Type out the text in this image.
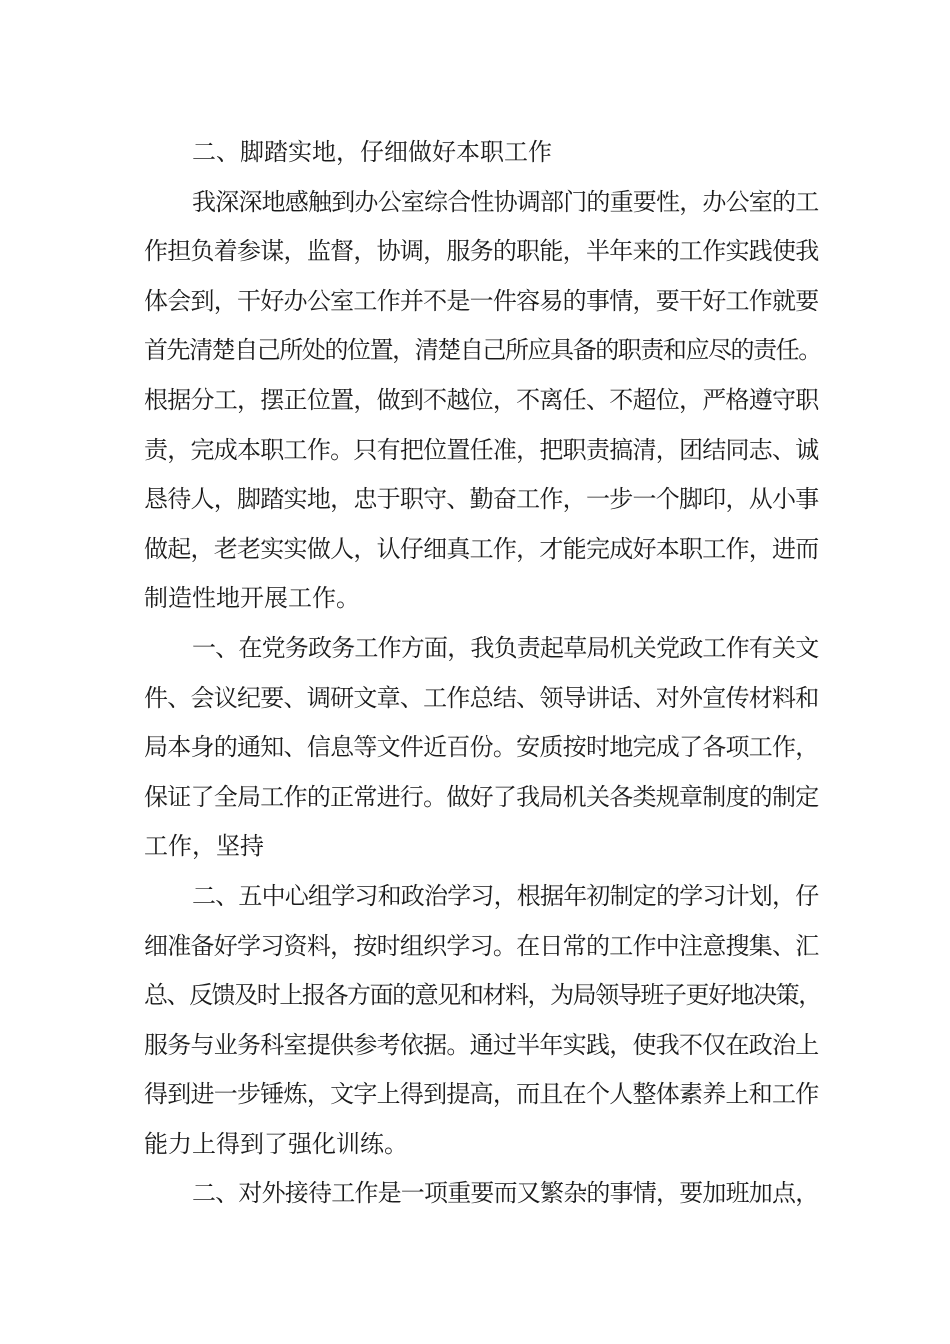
二、脚踏实地，仔细做好本职工作
我深深地感触到办公室综合性协调部门的重要性，办公室的工
作担负着参谋，监督，协调，服务的职能，半年来的工作实践使我
体会到，干好办公室工作并不是一件容易的事情，要干好工作就要
首先清楚自己所处的位置，清楚自己所应具备的职责和应尽的责任。
根据分工，摆正位置，做到不越位，不离任、不超位，严格遵守职
责，完成本职工作。只有把位置任准，把职责搞清，团结同志、诚
恳待人，脚踏实地，忠于职守、勤奋工作，一步一个脚印，从小事
做起，老老实实做人，认仔细真工作，才能完成好本职工作，进而
制造性地开展工作。
一、在党务政务工作方面，我负责起草局机关党政工作有关文
件、会议纪要、调研文章、工作总结、领导讲话、对外宣传材料和
局本身的通知、信息等文件近百份。安质按时地完成了各项工作，
保证了全局工作的正常进行。做好了我局机关各类规章制度的制定
工作，坚持
二、五中心组学习和政治学习，根据年初制定的学习计划，仔
细准备好学习资料，按时组织学习。在日常的工作中注意搜集、汇
总、反馈及时上报各方面的意见和材料，为局领导班子更好地决策，
服务与业务科室提供参考依据。通过半年实践，使我不仅在政治上
得到进一步锤炼，文字上得到提高，而且在个人整体素养上和工作
能力上得到了强化训练。
二、对外接待工作是一项重要而又繁杂的事情，要加班加点，
